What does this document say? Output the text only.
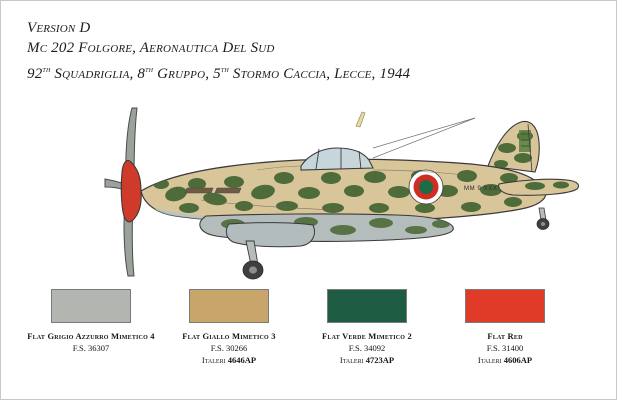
Version D
Mc 202 Folgore, Aeronautica Del Sud
92th Squadriglia, 8th Gruppo, 5th Stormo Caccia, Lecce, 1944
MM 9 XXX
Flat Grigio Azzurro Mimetico 4
F.S. 36307
Flat Giallo Mimetico 3
F.S. 30266
Italeri 4646AP
Flat Verde Mimetico 2
F.S. 34092
Italeri 4723AP
Flat Red
F.S. 31400
Italeri 4606AP
